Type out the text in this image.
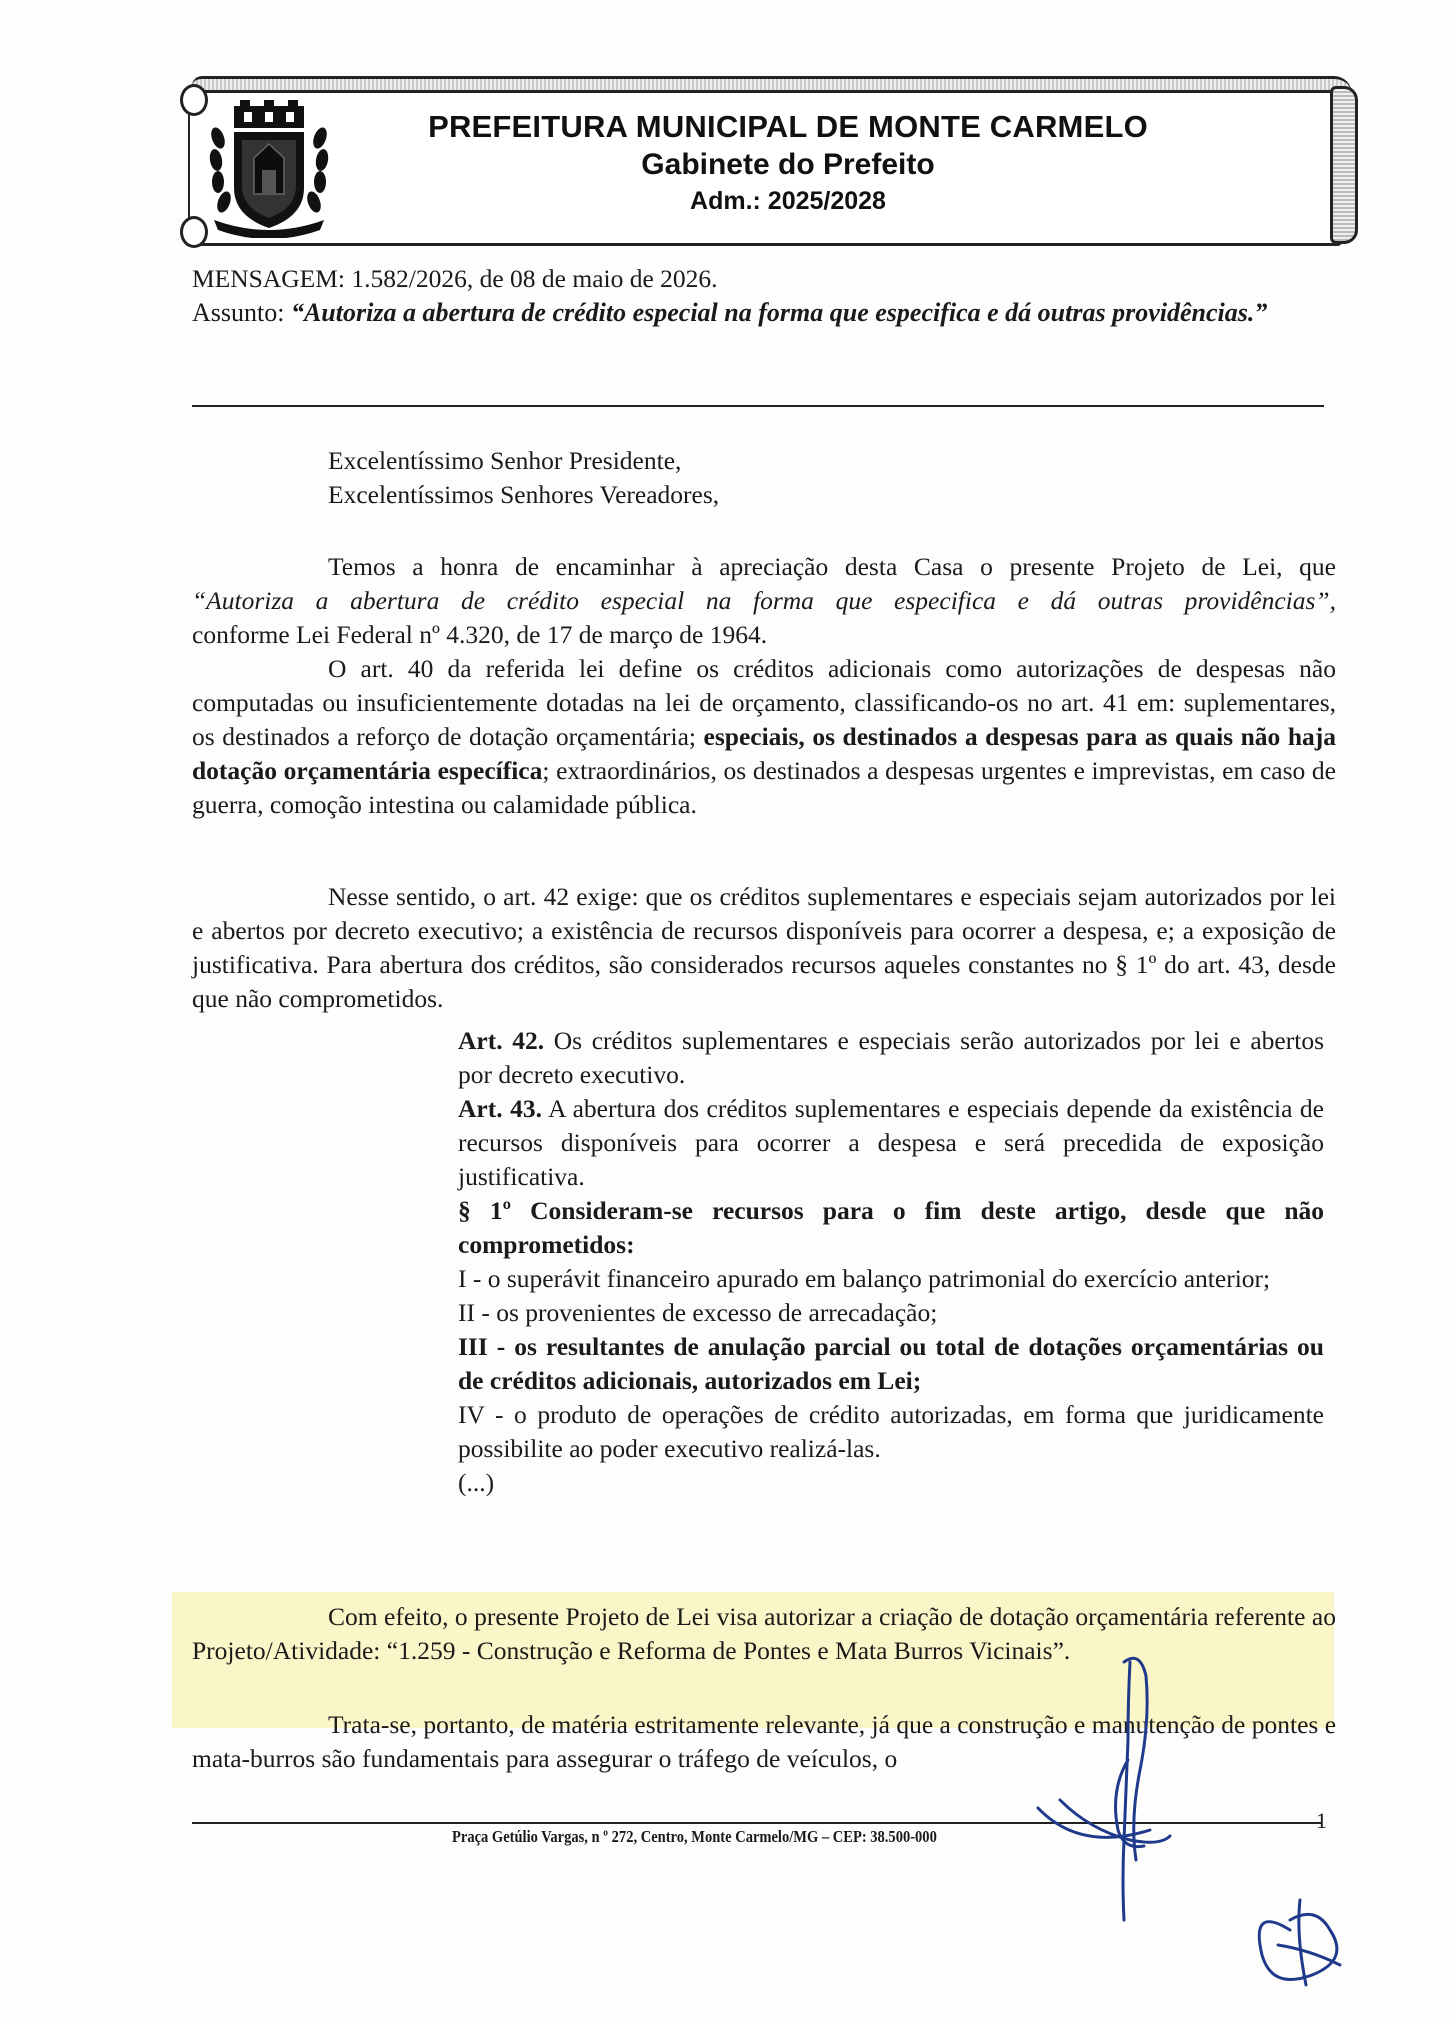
PREFEITURA MUNICIPAL DE MONTE CARMELO
Gabinete do Prefeito
Adm.: 2025/2028

MENSAGEM: 1.582/2026, de 08 de maio de 2026.

Assunto: “Autoriza a abertura de crédito especial na forma que especifica e dá outras providências.”

Excelentíssimo Senhor Presidente,

Excelentíssimos Senhores Vereadores,

Temos a honra de encaminhar à apreciação desta Casa o presente Projeto de Lei, que

“Autoriza a abertura de crédito especial na forma que especifica e dá outras providências”,

conforme Lei Federal nº 4.320, de 17 de março de 1964.

O art. 40 da referida lei define os créditos adicionais como autorizações de despesas não computadas ou insuficientemente dotadas na lei de orçamento, classificando-os no art. 41 em: suplementares, os destinados a reforço de dotação orçamentária; especiais, os destinados a despesas para as quais não haja dotação orçamentária específica; extraordinários, os destinados a despesas urgentes e imprevistas, em caso de guerra, comoção intestina ou calamidade pública.

Nesse sentido, o art. 42 exige: que os créditos suplementares e especiais sejam autorizados por lei e abertos por decreto executivo; a existência de recursos disponíveis para ocorrer a despesa, e; a exposição de justificativa. Para abertura dos créditos, são considerados recursos aqueles constantes no § 1º do art. 43, desde que não comprometidos.

Art. 42. Os créditos suplementares e especiais serão autorizados por lei e abertos por decreto executivo.

Art. 43. A abertura dos créditos suplementares e especiais depende da existência de recursos disponíveis para ocorrer a despesa e será precedida de exposição justificativa.

§ 1º Consideram-se recursos para o fim deste artigo, desde que não comprometidos:

I - o superávit financeiro apurado em balanço patrimonial do exercício anterior;

II - os provenientes de excesso de arrecadação;

III - os resultantes de anulação parcial ou total de dotações orçamentárias ou de créditos adicionais, autorizados em Lei;

IV - o produto de operações de crédito autorizadas, em forma que juridicamente possibilite ao poder executivo realizá-las.

(...)

Com efeito, o presente Projeto de Lei visa autorizar a criação de dotação orçamentária referente ao Projeto/Atividade: “1.259 - Construção e Reforma de Pontes e Mata Burros Vicinais”.

Trata-se, portanto, de matéria estritamente relevante, já que a construção e manutenção de pontes e mata-burros são fundamentais para assegurar o tráfego de veículos, o

1
Praça Getúlio Vargas, n º 272, Centro, Monte Carmelo/MG – CEP: 38.500-000
